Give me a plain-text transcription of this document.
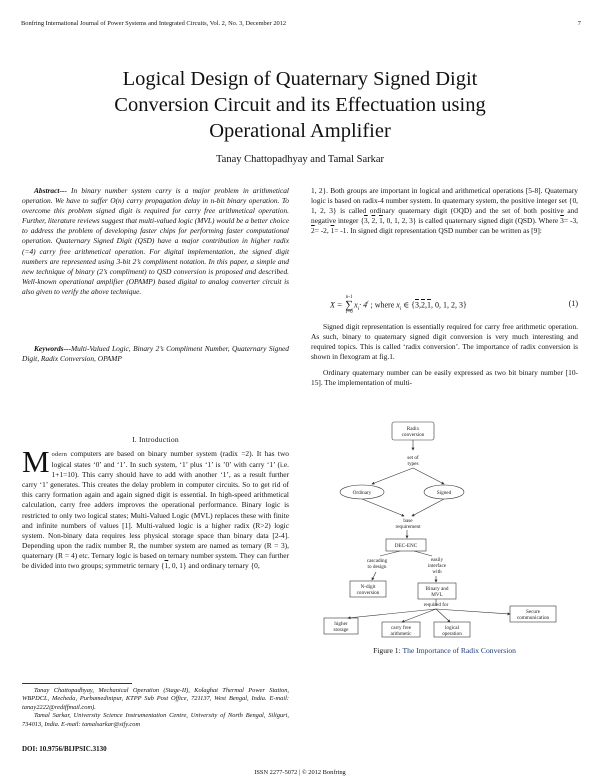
Bonfring International Journal of Power Systems and Integrated Circuits, Vol. 2, No. 3, December 2012	7
Logical Design of Quaternary Signed Digit
Conversion Circuit and its Effectuation using
Operational Amplifier
Tanay Chattopadhyay and Tamal Sarkar
Abstract--- In binary number system carry is a major problem in arithmetical operation. We have to suffer O(n) carry propagation delay in n-bit binary operation. To overcome this problem signed digit is required for carry free arithmetical operation. Further, literature reviews suggest that multi-valued logic (MVL) would be a better choice to address the problem of developing faster chips for performing faster computational operation. Quaternary Signed Digit (QSD) have a major contribution in higher radix (=4) carry free arithmetical operation. For digital implementation, the signed digit numbers are represented using 3-bit 2’s compliment notation. In this paper, a simple and new technique of binary (2’s compliment) to QSD conversion is proposed and described. Well-known operational amplifier (OPAMP) based digital to analog converter circuit is also given to verify the above technique.
Keywords---Multi-Valued Logic, Binary 2’s Compliment Number, Quaternary Signed Digit, Radix Conversion, OPAMP
I. Introduction
Modern computers are based on binary number system (radix =2). It has two logical states ‘0’ and ‘1’. In such system, ‘1’ plus ‘1’ is ’0’ with carry ‘1’ (i.e. 1+1=10). This carry should have to add with another ‘1’, as a result further carry ‘1’ generates. This creates the delay problem in computer circuits. So to get rid of this carry formation again and again signed digit is essential. In high-speed arithmetical calculation, carry free adders improves the operational performance. Binary logic is restricted to only two logical states; Multi-Valued Logic (MVL) replaces these with finite and infinite numbers of values [1]. Multi-valued logic is a higher radix (R>2) logic system. Non-binary data requires less physical storage space than binary data [2-4]. Depending upon the radix number R, the number system are named as ternary (R = 3), quaternary (R = 4) etc. Ternary logic is based on ternary number system. They can further be divided into two groups; symmetric ternary {1, 0, 1} and ordinary ternary {0,

Tanay Chattopadhyay, Mechanical Operation (Stage-II), Kolaghat Thermal Power Station, WBPDCL, Mecheda, Purbamedinipur, KTPP Sub Post Office, 721137, West Bengal, India. E-mail: tanay2222@rediffmail.com).

Tamal Sarkar, University Science Instrumentation Centre, University of North Bengal, Siliguri, 734013, India. E-mail: tamalsarkar@sify.com

DOI: 10.9756/BIJPSIC.3130
1, 2}. Both groups are important in logical and arithmetical operations [5-8]. Quaternary logic is based on radix-4 number system. In quaternary system, the positive integer set {0, 1, 2, 3} is called ordinary quaternary digit (OQD) and the set of both positive and negative integer {3, 2, 1, 0, 1, 2, 3} is called quaternary signed digit (QSD). Where 3= -3, 2= -2, 1= -1. In signed digit representation QSD number can be written as [9]:
X = n-1
∑
$i=0x_i\cdot 4^i$ ; where $x_i$ ∈ {3,2,1, 0, 1, 2, 3}	(1)

Signed digit representation is essentially required for carry free arithmetic operation. As such, binary to quaternary signed digit conversion is very much interesting and required topics. This is called ‘radix conversion’. The importance of radix conversion is shown in flexogram at fig.1.

Ordinary quaternary number can be easily expressed as two bit binary number [10-15]. The implementation of multi-

Radix
conversion
set of
types
Ordinary	Signed
base
requirement
DEC-ENC
cascading
to design
easily
interface
with
N-digit
conversion
Binary and
MVL
required for
higher
storage	carry free
arithmetic
logical
operation
Secure
communication
Figure 1: The Importance of Radix Conversion
ISSN 2277-5072 | © 2012 Bonfring
